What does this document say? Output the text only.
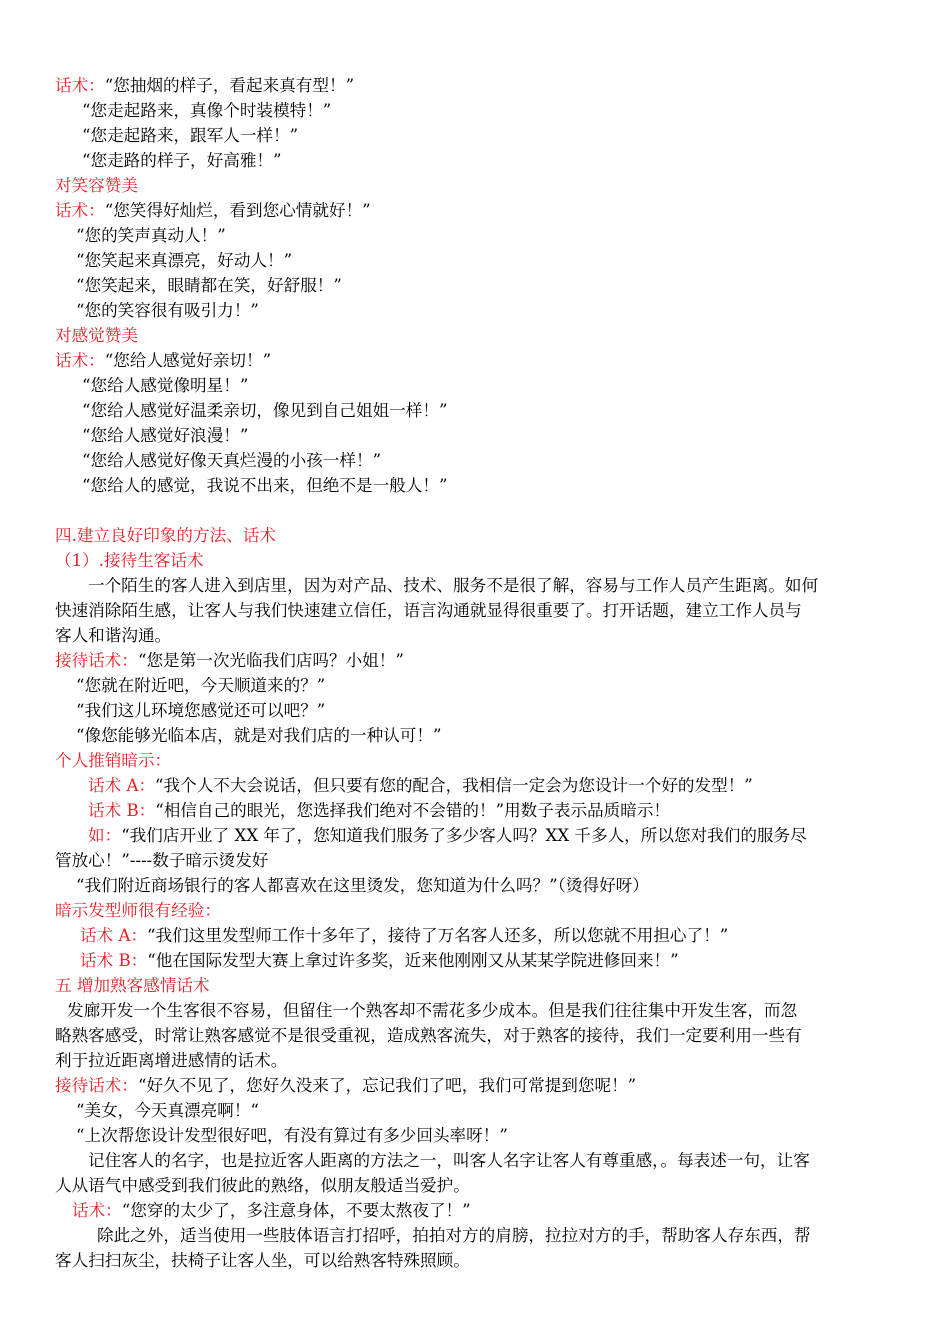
话术：“您抽烟的样子，看起来真有型！”
“您走起路来，真像个时装模特！”
“您走起路来，跟军人一样！”
“您走路的样子，好高雅！”
对笑容赞美
话术：“您笑得好灿烂，看到您心情就好！”
“您的笑声真动人！”
“您笑起来真漂亮，好动人！”
“您笑起来，眼睛都在笑，好舒服！”
“您的笑容很有吸引力！”
对感觉赞美
话术：“您给人感觉好亲切！”
“您给人感觉像明星！”
“您给人感觉好温柔亲切，像见到自己姐姐一样！”
“您给人感觉好浪漫！”
“您给人感觉好像天真烂漫的小孩一样！”
“您给人的感觉，我说不出来，但绝不是一般人！”
四.建立良好印象的方法、话术
（1）.接待生客话术
一个陌生的客人进入到店里，因为对产品、技术、服务不是很了解，容易与工作人员产生距离。如何
快速消除陌生感，让客人与我们快速建立信任，语言沟通就显得很重要了。打开话题，建立工作人员与
客人和谐沟通。
接待话术：“您是第一次光临我们店吗？小姐！”
“您就在附近吧，今天顺道来的？”
“我们这儿环境您感觉还可以吧？”
“像您能够光临本店，就是对我们店的一种认可！”
个人推销暗示：
话术 A：“我个人不大会说话，但只要有您的配合，我相信一定会为您设计一个好的发型！”
话术 B：“相信自己的眼光，您选择我们绝对不会错的！”用数子表示品质暗示！
如：“我们店开业了 XX 年了，您知道我们服务了多少客人吗？XX 千多人，所以您对我们的服务尽
管放心！”----数子暗示烫发好
“我们附近商场银行的客人都喜欢在这里烫发，您知道为什么吗？”（烫得好呀）
暗示发型师很有经验：
话术 A：“我们这里发型师工作十多年了，接待了万名客人还多，所以您就不用担心了！”
话术 B：“他在国际发型大赛上拿过许多奖，近来他刚刚又从某某学院进修回来！”
五 增加熟客感情话术
发廊开发一个生客很不容易，但留住一个熟客却不需花多少成本。但是我们往往集中开发生客，而忽
略熟客感受，时常让熟客感觉不是很受重视，造成熟客流失，对于熟客的接待，我们一定要利用一些有
利于拉近距离增进感情的话术。
接待话术：“好久不见了，您好久没来了，忘记我们了吧，我们可常提到您呢！”
“美女，今天真漂亮啊！“
“上次帮您设计发型很好吧，有没有算过有多少回头率呀！”
记住客人的名字，也是拉近客人距离的方法之一，叫客人名字让客人有尊重感，。每表述一句，让客
人从语气中感受到我们彼此的熟络，似朋友般适当爱护。
话术：“您穿的太少了，多注意身体，不要太熬夜了！”
除此之外，适当使用一些肢体语言打招呼，拍拍对方的肩膀，拉拉对方的手，帮助客人存东西，帮
客人扫扫灰尘，扶椅子让客人坐，可以给熟客特殊照顾。
